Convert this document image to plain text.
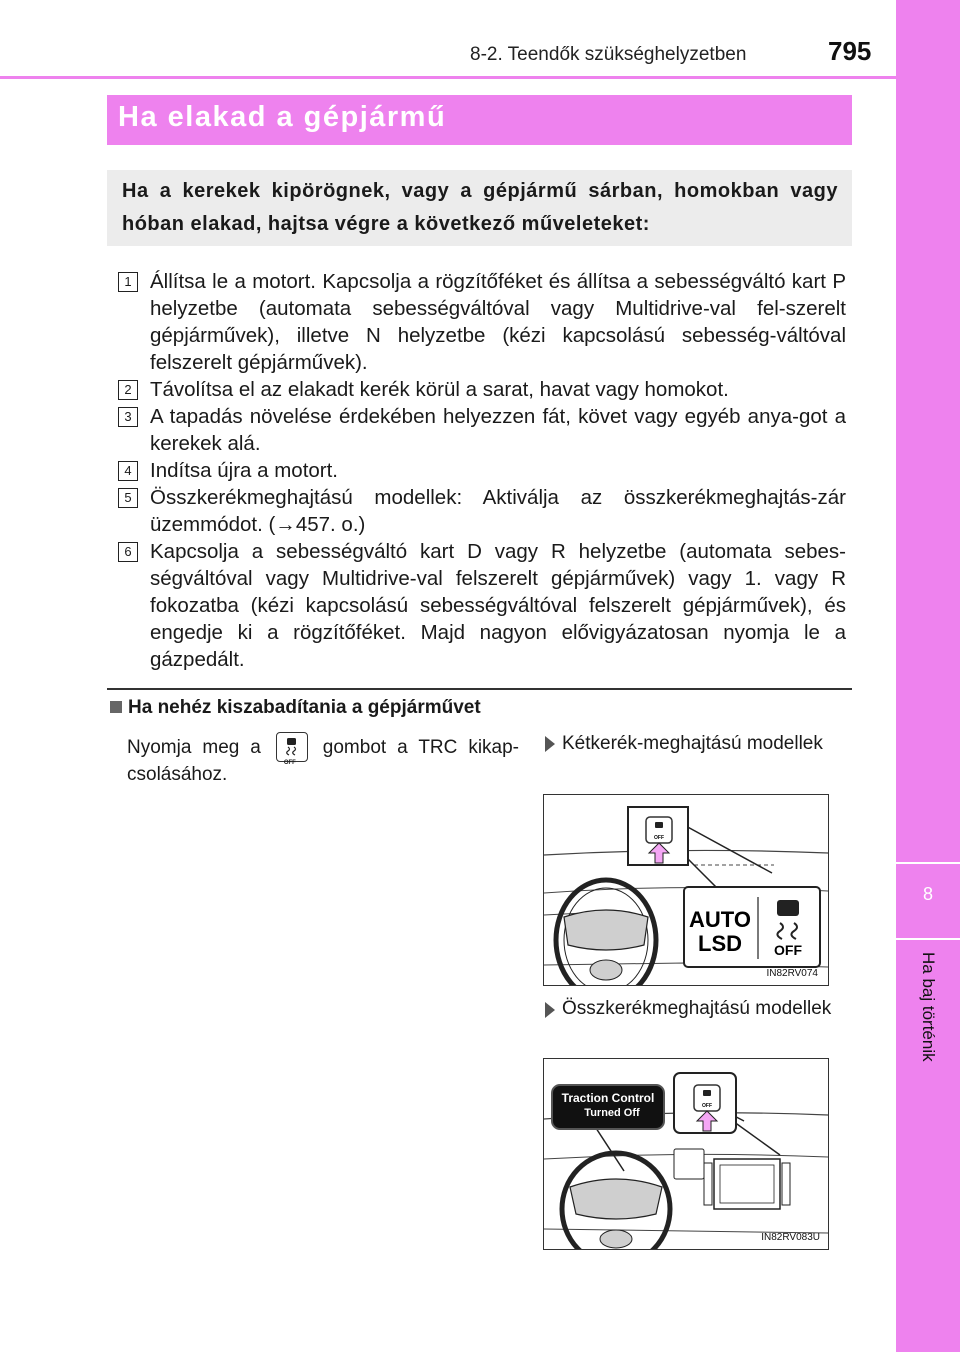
8-2. Teendők szükséghelyzetben	795
8
Ha baj történik
Ha elakad a gépjármű
Ha a kerekek kipörögnek, vagy a gépjármű sárban, homokban vagy hóban elakad, hajtsa végre a következő műveleteket:
1 Állítsa le a motort. Kapcsolja a rögzítőféket és állítsa a sebességváltó kart P helyzetbe (automata sebességváltóval vagy Multidrive-val fel-szerelt gépjárművek), illetve N helyzetbe (kézi kapcsolású sebesség-váltóval felszerelt gépjárművek).
2 Távolítsa el az elakadt kerék körül a sarat, havat vagy homokot.
3 A tapadás növelése érdekében helyezzen fát, követ vagy egyéb anya-got a kerekek alá.
4 Indítsa újra a motort.
5 Összkerékmeghajtású modellek: Aktiválja az összkerékmeghajtás-zár üzemmódot. (→457. o.)
6 Kapcsolja a sebességváltó kart D vagy R helyzetbe (automata sebes-ségváltóval vagy Multidrive-val felszerelt gépjárművek) vagy 1. vagy R fokozatba (kézi kapcsolású sebességváltóval felszerelt gépjárművek), és engedje ki a rögzítőféket. Majd nagyon elővigyázatosan nyomja le a gázpedált.
Ha nehéz kiszabadítania a gépjárművet
Nyomja meg a
OFF
gombot a TRC kikap-csolásához.
Kétkerék-meghajtású modellek
OFF
AUTO
LSD OFF
IN82RV074
Összkerékmeghajtású modellek
Traction Control
Turned Off
OFF
IN82RV083U
